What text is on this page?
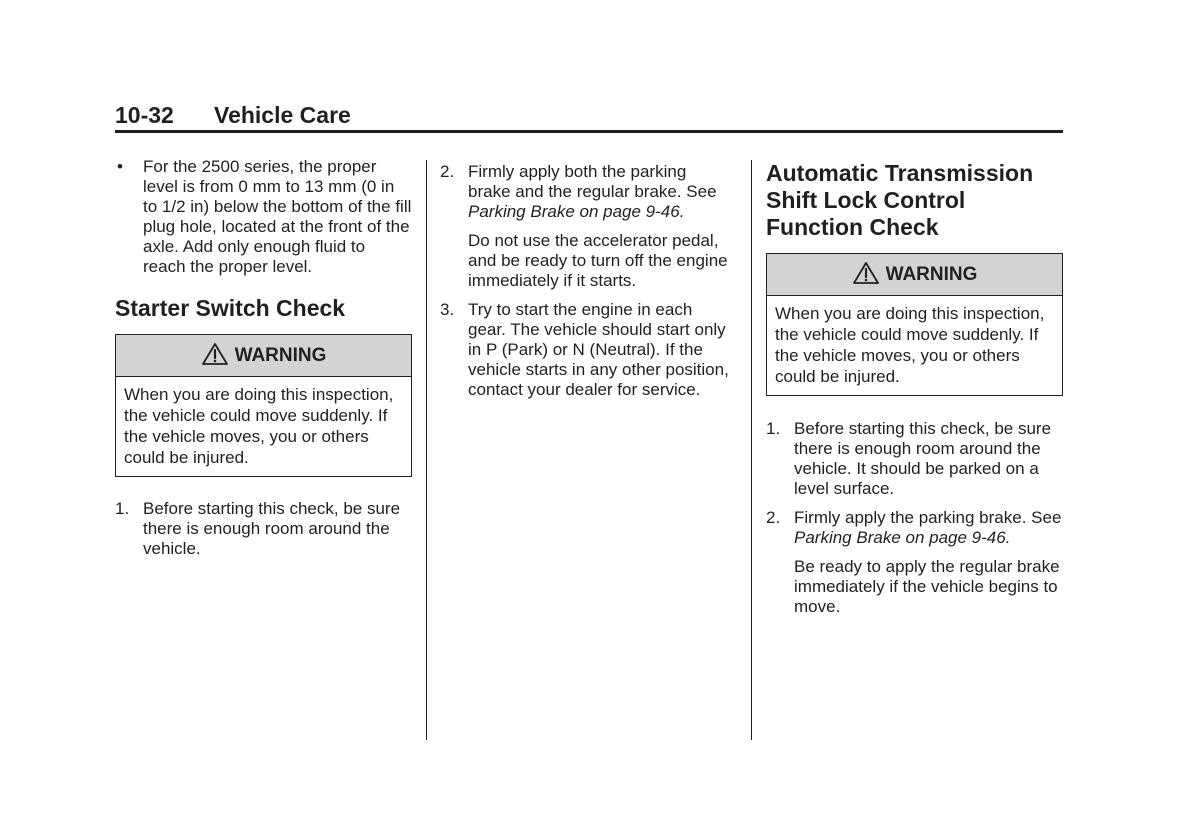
10-32 Vehicle Care
• For the 2500 series, the proper level is from 0 mm to 13 mm (0 in to 1/2 in) below the bottom of the fill plug hole, located at the front of the axle. Add only enough fluid to reach the proper level.
Starter Switch Check
WARNING
When you are doing this inspection, the vehicle could move suddenly. If the vehicle moves, you or others could be injured.
1. Before starting this check, be sure there is enough room around the vehicle.
2. Firmly apply both the parking brake and the regular brake. See Parking Brake on page 9-46.
Do not use the accelerator pedal, and be ready to turn off the engine immediately if it starts.
3. Try to start the engine in each gear. The vehicle should start only in P (Park) or N (Neutral). If the vehicle starts in any other position, contact your dealer for service.
Automatic Transmission Shift Lock Control Function Check
WARNING
When you are doing this inspection, the vehicle could move suddenly. If the vehicle moves, you or others could be injured.
1. Before starting this check, be sure there is enough room around the vehicle. It should be parked on a level surface.
2. Firmly apply the parking brake. See Parking Brake on page 9-46.
Be ready to apply the regular brake immediately if the vehicle begins to move.
